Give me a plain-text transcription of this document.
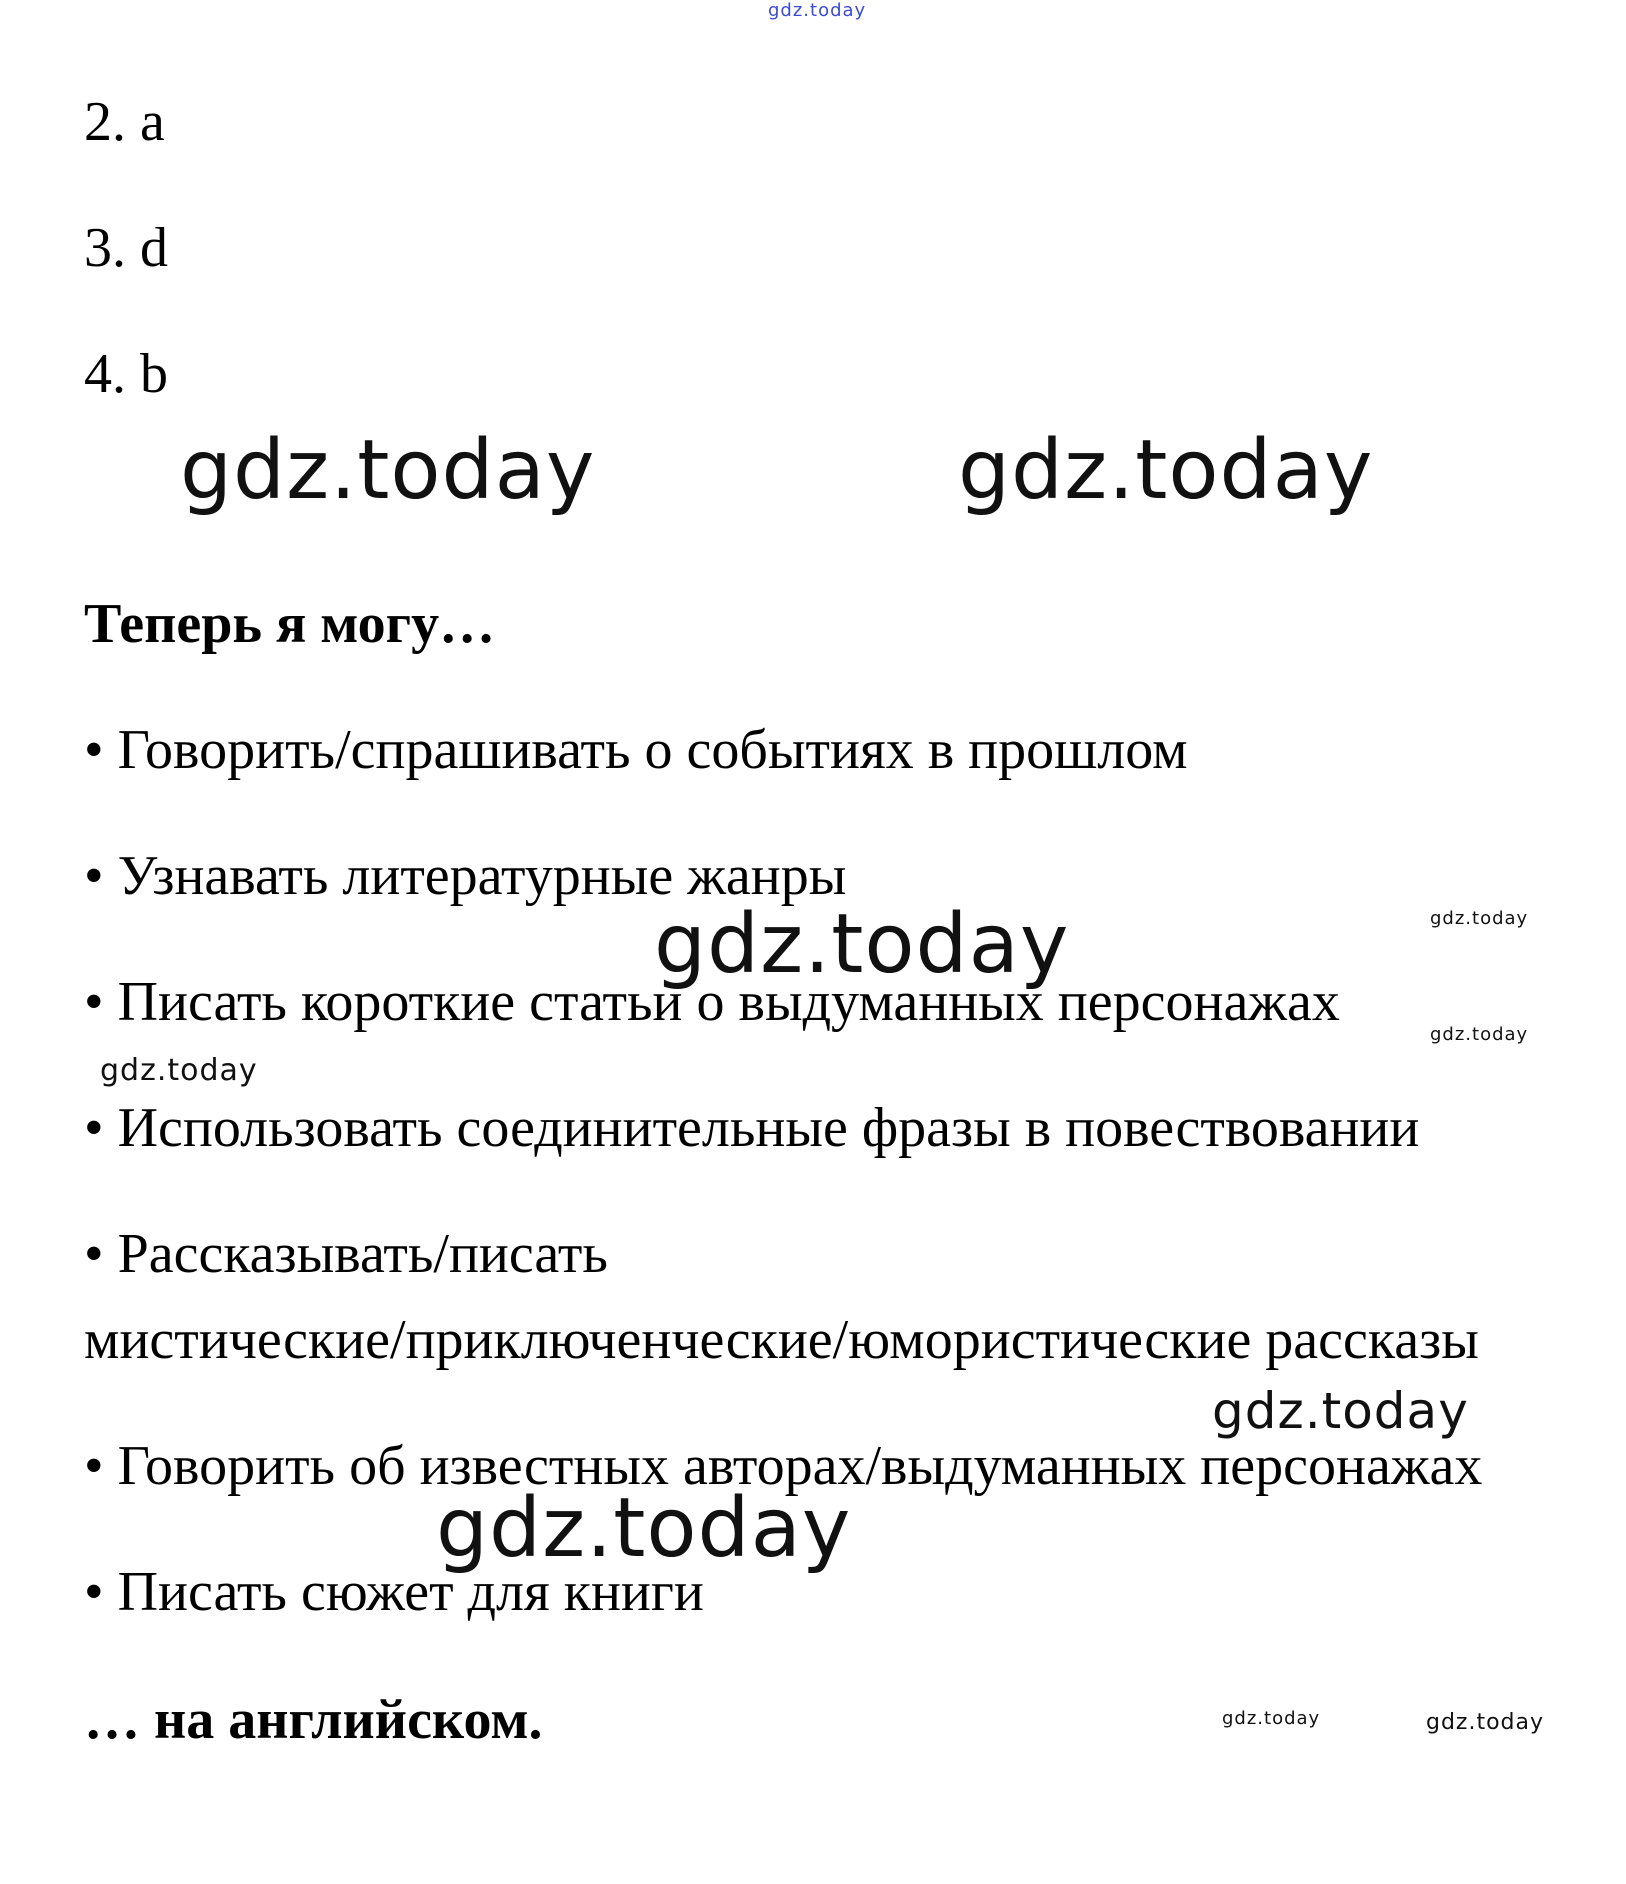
gdz.today
2. a
3. d
4. b
gdz.today	gdz.today
Теперь я могу…
• Говорить/спрашивать о событиях в прошлом
• Узнавать литературные жанры
gdz.today
gdz.today
• Писать короткие статьи о выдуманных персонажах
gdz.today
gdz.today
• Использовать соединительные фразы в повествовании
• Рассказывать/писать
мистические/приключенческие/юмористические рассказы
gdz.today
• Говорить об известных авторах/выдуманных персонажах
gdz.today
• Писать сюжет для книги
… на английском.	gdz.today	gdz.today
